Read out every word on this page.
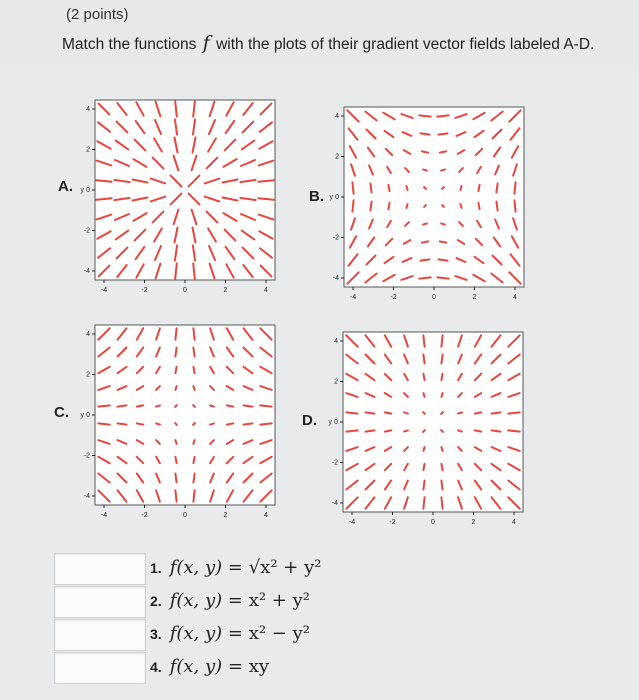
(2 points)
Match the functions f with the plots of their gradient vector fields labeled A-D.
A.
B.
C.	D.
-4
-4
-2
-2
0
0
2
2
4
4
y
-4
-4
-2
-2
0
0
2
2
4
4
y
-4
-4
-2
-2
0
0
2
2
4
4
y
-4
-4
-2
-2
0
0
2
2
4
4
y
1. f(x, y) = √x² + y²
2. f(x, y) = x² + y²
3. f(x, y) = x² − y²
4. f(x, y) = xy
